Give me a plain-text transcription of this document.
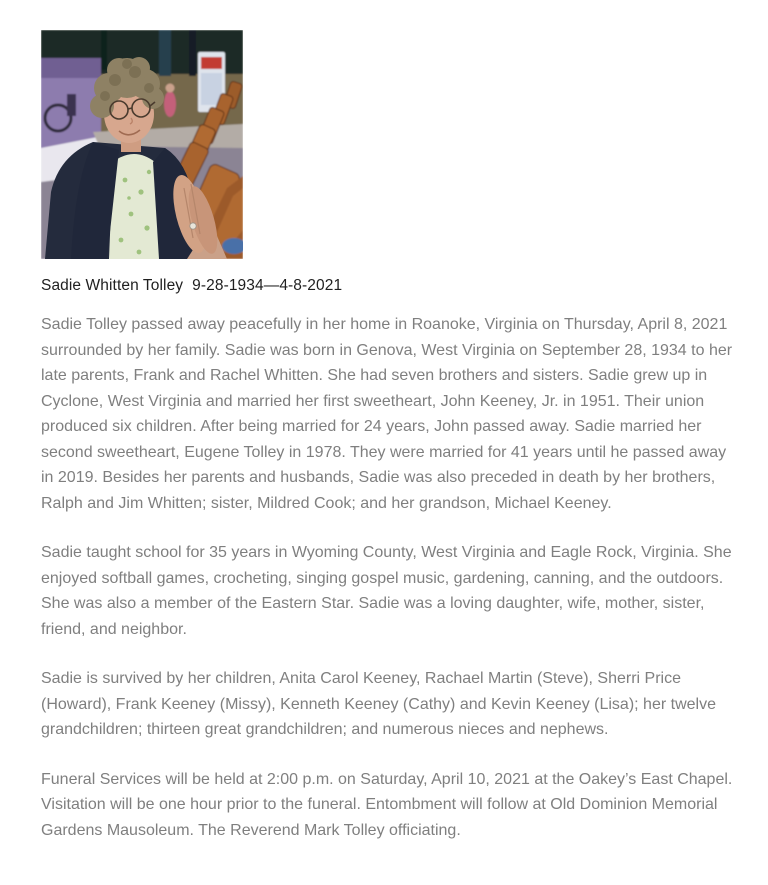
Sadie Whitten Tolley 9-28-1934—4-8-2021

Sadie Tolley passed away peacefully in her home in Roanoke, Virginia on Thursday, April 8, 2021 surrounded by her family. Sadie was born in Genova, West Virginia on September 28, 1934 to her late parents, Frank and Rachel Whitten. She had seven brothers and sisters. Sadie grew up in Cyclone, West Virginia and married her first sweetheart, John Keeney, Jr. in 1951. Their union produced six children. After being married for 24 years, John passed away. Sadie married her second sweetheart, Eugene Tolley in 1978. They were married for 41 years until he passed away in 2019. Besides her parents and husbands, Sadie was also preceded in death by her brothers, Ralph and Jim Whitten; sister, Mildred Cook; and her grandson, Michael Keeney.

Sadie taught school for 35 years in Wyoming County, West Virginia and Eagle Rock, Virginia. She enjoyed softball games, crocheting, singing gospel music, gardening, canning, and the outdoors. She was also a member of the Eastern Star. Sadie was a loving daughter, wife, mother, sister, friend, and neighbor.

Sadie is survived by her children, Anita Carol Keeney, Rachael Martin (Steve), Sherri Price (Howard), Frank Keeney (Missy), Kenneth Keeney (Cathy) and Kevin Keeney (Lisa); her twelve grandchildren; thirteen great grandchildren; and numerous nieces and nephews.

Funeral Services will be held at 2:00 p.m. on Saturday, April 10, 2021 at the Oakey’s East Chapel. Visitation will be one hour prior to the funeral. Entombment will follow at Old Dominion Memorial Gardens Mausoleum. The Reverend Mark Tolley officiating.
